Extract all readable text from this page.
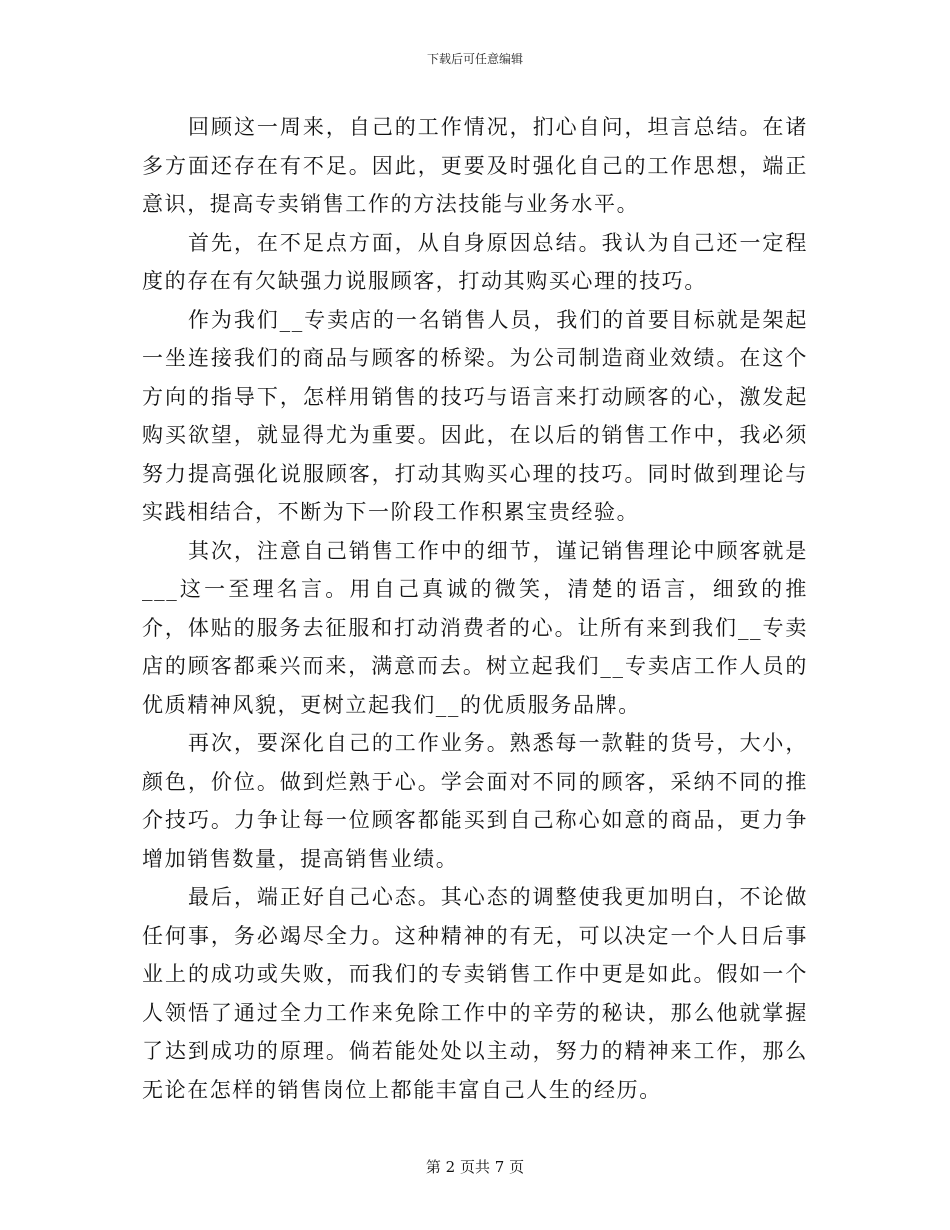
下载后可任意编辑

回顾这一周来，自己的工作情况，扪心自问，坦言总结。在诸多方面还存在有不足。因此，更要及时强化自己的工作思想，端正意识，提高专卖销售工作的方法技能与业务水平。

首先，在不足点方面，从自身原因总结。我认为自己还一定程度的存在有欠缺强力说服顾客，打动其购买心理的技巧。

作为我们__专卖店的一名销售人员，我们的首要目标就是架起一坐连接我们的商品与顾客的桥梁。为公司制造商业效绩。在这个方向的指导下，怎样用销售的技巧与语言来打动顾客的心，激发起购买欲望，就显得尤为重要。因此，在以后的销售工作中，我必须努力提高强化说服顾客，打动其购买心理的技巧。同时做到理论与实践相结合，不断为下一阶段工作积累宝贵经验。

其次，注意自己销售工作中的细节，谨记销售理论中顾客就是___这一至理名言。用自己真诚的微笑，清楚的语言，细致的推介，体贴的服务去征服和打动消费者的心。让所有来到我们__专卖店的顾客都乘兴而来，满意而去。树立起我们__专卖店工作人员的优质精神风貌，更树立起我们__的优质服务品牌。

再次，要深化自己的工作业务。熟悉每一款鞋的货号，大小，颜色，价位。做到烂熟于心。学会面对不同的顾客，采纳不同的推介技巧。力争让每一位顾客都能买到自己称心如意的商品，更力争增加销售数量，提高销售业绩。

最后，端正好自己心态。其心态的调整使我更加明白，不论做任何事，务必竭尽全力。这种精神的有无，可以决定一个人日后事业上的成功或失败，而我们的专卖销售工作中更是如此。假如一个人领悟了通过全力工作来免除工作中的辛劳的秘诀，那么他就掌握了达到成功的原理。倘若能处处以主动，努力的精神来工作，那么无论在怎样的销售岗位上都能丰富自己人生的经历。

第 2 页共 7 页
